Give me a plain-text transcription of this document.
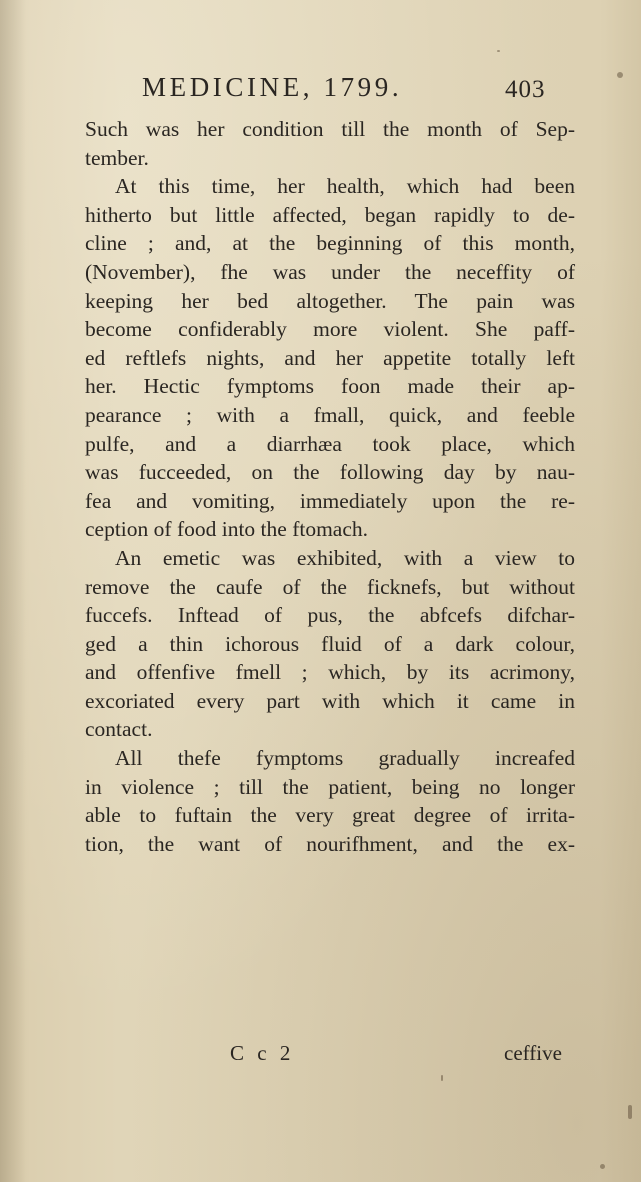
MEDICINE, 1799.	403
Such was her condition till the month of Sep-
tember.
At this time, her health, which had been
hitherto but little affected, began rapidly to de-
cline ; and, at the beginning of this month,
(November), fhe was under the neceffity of
keeping her bed altogether. The pain was
become confiderably more violent. She paff-
ed reftlefs nights, and her appetite totally left
her. Hectic fymptoms foon made their ap-
pearance ; with a fmall, quick, and feeble
pulfe, and a diarrhæa took place, which
was fucceeded, on the following day by nau-
fea and vomiting, immediately upon the re-
ception of food into the ftomach.
An emetic was exhibited, with a view to
remove the caufe of the ficknefs, but without
fuccefs. Inftead of pus, the abfcefs difchar-
ged a thin ichorous fluid of a dark colour,
and offenfive fmell ; which, by its acrimony,
excoriated every part with which it came in
contact.
All thefe fymptoms gradually increafed
in violence ; till the patient, being no longer
able to fuftain the very great degree of irrita-
tion, the want of nourifhment, and the ex-
C c 2	ceffive
